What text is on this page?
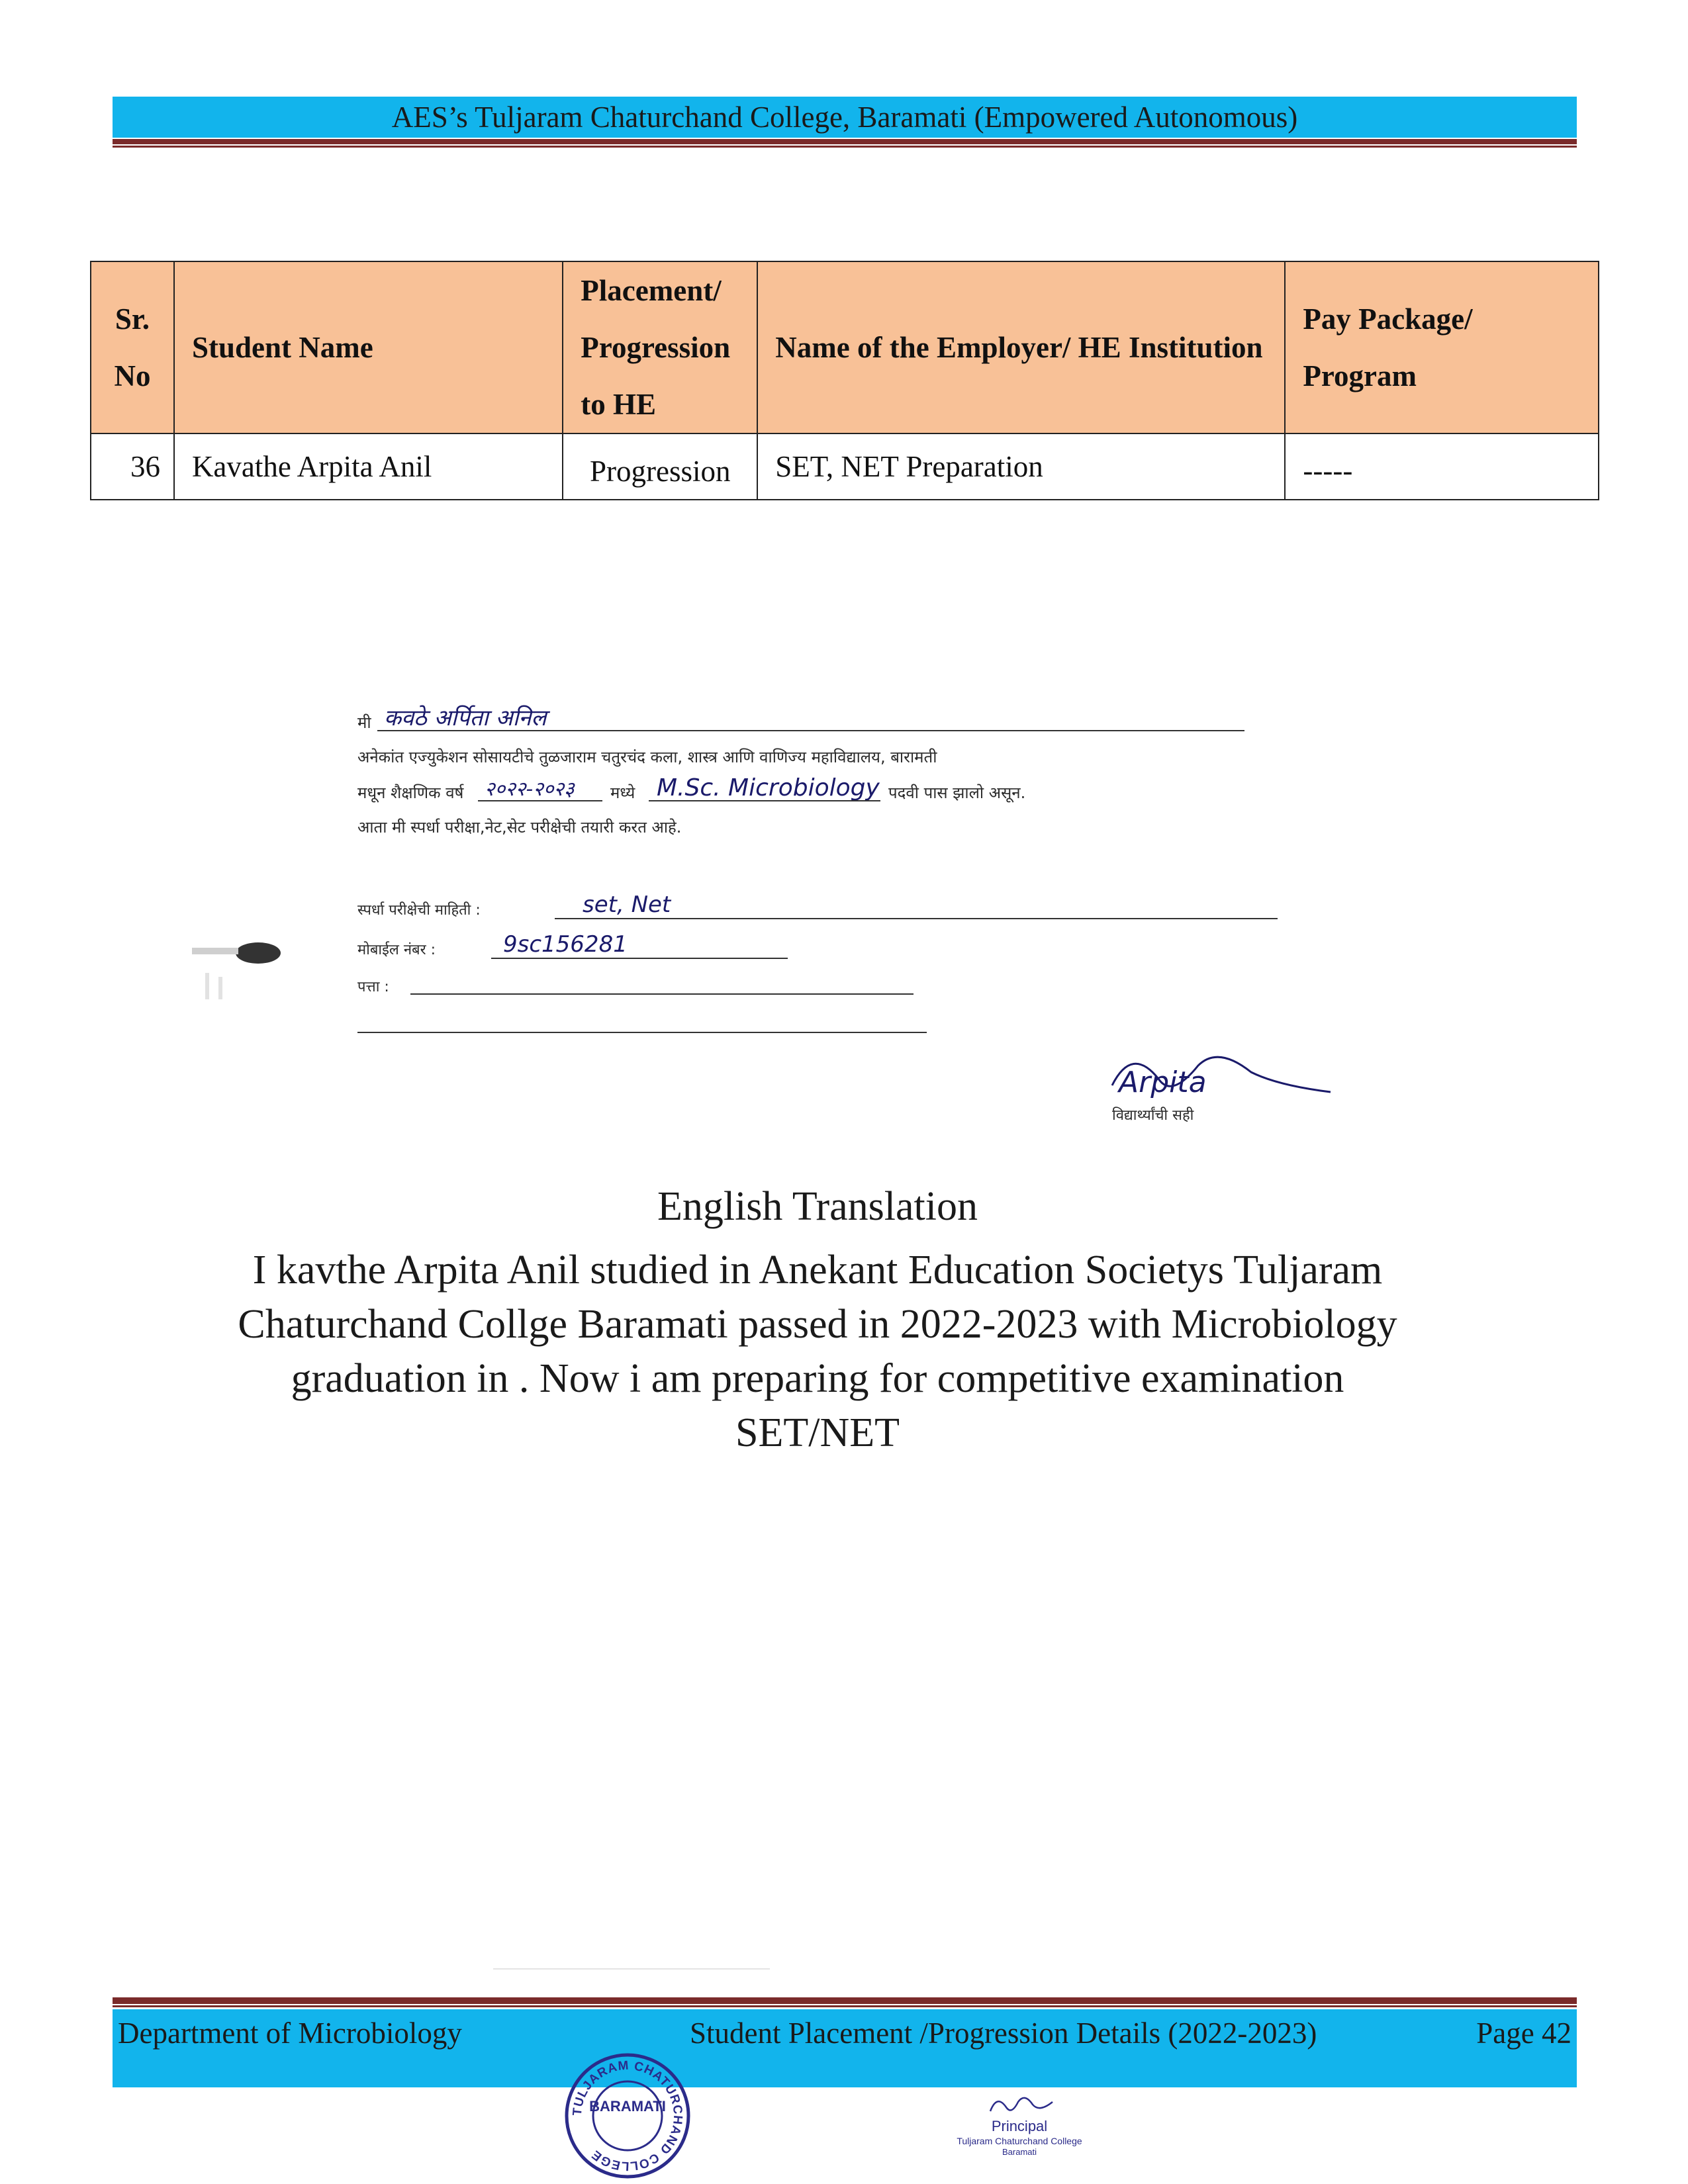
AES’s Tuljaram Chaturchand College, Baramati (Empowered Autonomous)
Sr. No	Student Name	Placement/ Progression to HE	Name of the Employer/ HE Institution	Pay Package/ Program
36	Kavathe Arpita Anil	Progression	SET, NET Preparation	-----
मी कवठे अर्पिता अनिल
अनेकांत एज्युकेशन सोसायटीचे तुळजाराम चतुरचंद कला, शास्त्र आणि वाणिज्य महाविद्यालय, बारामती
मधून शैक्षणिक वर्ष २०२२-२०२३ मध्ये M.Sc. Microbiology पदवी पास झालो असून.
आता मी स्पर्धा परीक्षा,नेट,सेट परीक्षेची तयारी करत आहे.
स्पर्धा परीक्षेची माहिती :	set, Net
मोबाईल नंबर :	9sc156281
पत्ता :
Arpita
विद्यार्थ्यांची सही

English Translation

I kavthe Arpita Anil studied in Anekant Education Societys Tuljaram

Chaturchand Collge Baramati passed in 2022-2023 with Microbiology

graduation in . Now i am preparing for competitive examination

SET/NET

Department of Microbiology	Student Placement /Progression Details (2022-2023)	Page 42
TULJARAM CHATURCHAND COLLEGE
BARAMATI
Principal
Tuljaram Chaturchand College
Baramati
